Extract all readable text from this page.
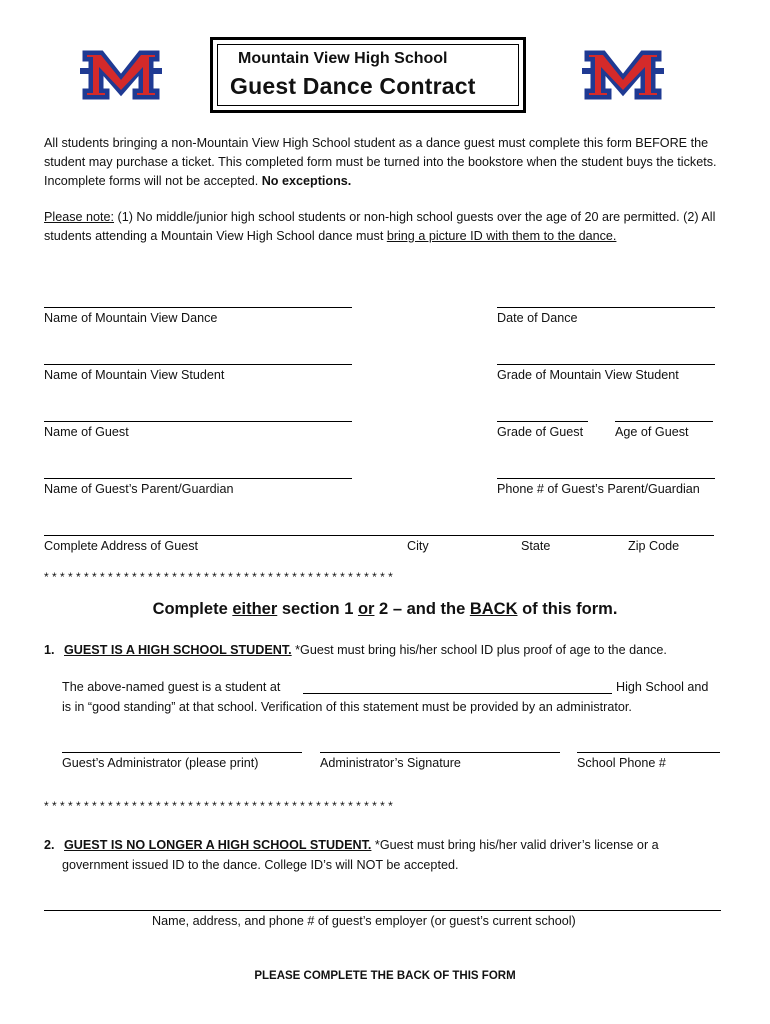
Mountain View High School
Guest Dance Contract

All students bringing a non-Mountain View High School student as a dance guest must complete this form BEFORE the student may purchase a ticket. This completed form must be turned into the bookstore when the student buys the tickets. Incomplete forms will not be accepted. No exceptions.

Please note: (1) No middle/junior high school students or non-high school guests over the age of 20 are permitted. (2) All students attending a Mountain View High School dance must bring a picture ID with them to the dance.

Name of Mountain View Dance	Date of Dance
Name of Mountain View Student	Grade of Mountain View Student
Name of Guest	Grade of Guest	Age of Guest
Name of Guest’s Parent/Guardian	Phone # of Guest’s Parent/Guardian
Complete Address of Guest	City	State	Zip Code
* * * * * * * * * * * * * * * * * * * * * * * * * * * * * * * * * * * * * * * * * * * *
Complete either section 1 or 2 – and the BACK of this form.
1. GUEST IS A HIGH SCHOOL STUDENT. *Guest must bring his/her school ID plus proof of age to the dance.
The above-named guest is a student at	High School and
is in “good standing” at that school. Verification of this statement must be provided by an administrator.
Guest’s Administrator (please print)	Administrator’s Signature	School Phone #
* * * * * * * * * * * * * * * * * * * * * * * * * * * * * * * * * * * * * * * * * * * *
2. GUEST IS NO LONGER A HIGH SCHOOL STUDENT. *Guest must bring his/her valid driver’s license or a
government issued ID to the dance. College ID’s will NOT be accepted.
Name, address, and phone # of guest’s employer (or guest’s current school)
PLEASE COMPLETE THE BACK OF THIS FORM
